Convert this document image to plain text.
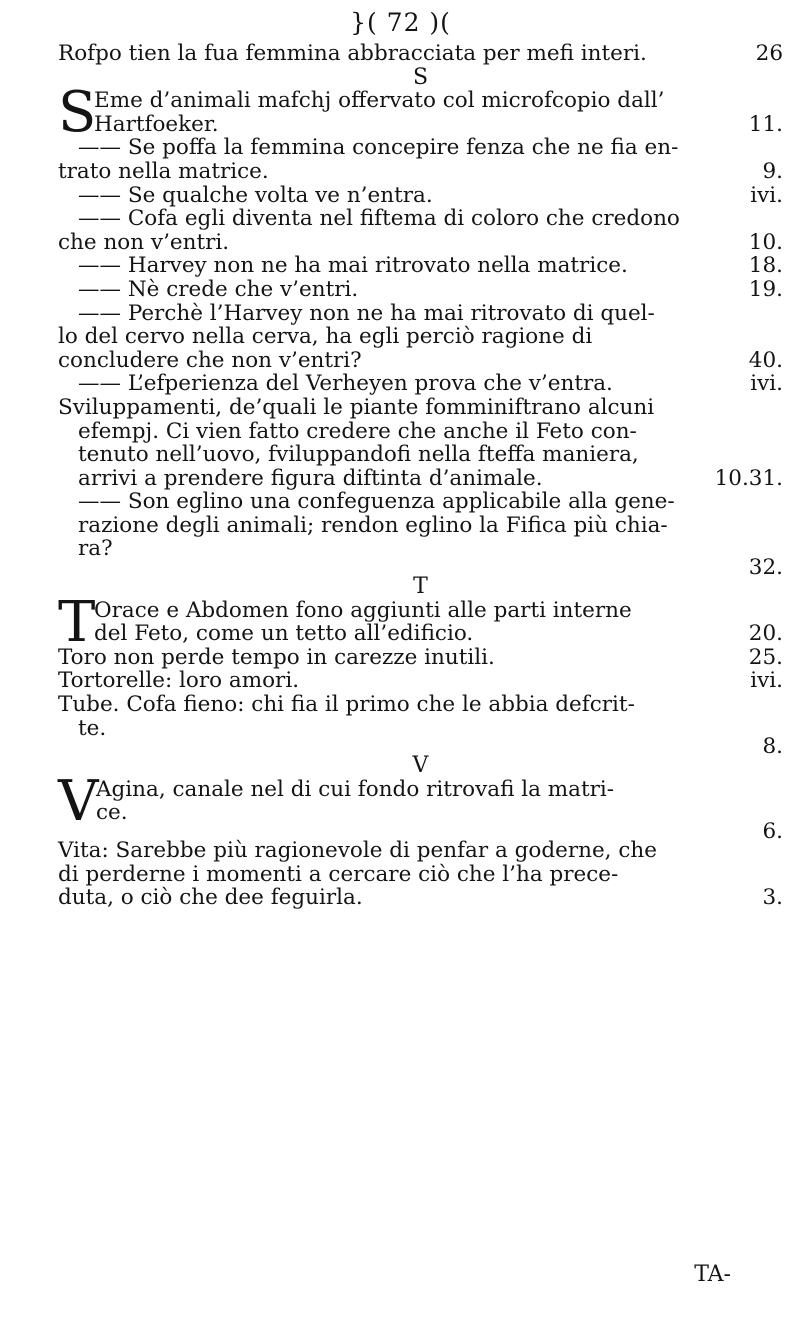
}( 72 )(
Rofpo tien la fua femmina abbracciata per mefi interi.	26
S
S
Eme d’animali mafchj offervato col microfcopio dall’
Hartfoeker.	11.
—— Se poffa la femmina concepire fenza che ne fia en-
trato nella matrice.	9.
—— Se qualche volta ve n’entra.	ivi.
—— Cofa egli diventa nel fiftema di coloro che credono
che non v’entri.	10.
—— Harvey non ne ha mai ritrovato nella matrice.	18.
—— Nè crede che v’entri.	19.
—— Perchè l’Harvey non ne ha mai ritrovato di quel-
lo del cervo nella cerva, ha egli perciò ragione di
concludere che non v’entri?	40.
—— L’efperienza del Verheyen prova che v’entra.	ivi.
Sviluppamenti, de’quali le piante fomminiftrano alcuni
efempj. Ci vien fatto credere che anche il Feto con-
tenuto nell’uovo, fviluppandofi nella fteffa maniera,
arrivi a prendere figura diftinta d’animale.	10.31.
—— Son eglino una confeguenza applicabile alla gene-
razione degli animali; rendon eglino la Fifica più chia-
ra?
32.
T
T
Orace e Abdomen fono aggiunti alle parti interne
del Feto, come un tetto all’edificio.	20.
Toro non perde tempo in carezze inutili.	25.
Tortorelle: loro amori.	ivi.
Tube. Cofa fieno: chi fia il primo che le abbia defcrit-
te.
8.
V
V
Agina, canale nel di cui fondo ritrovafi la matri-
ce.
6.
Vita: Sarebbe più ragionevole di penfar a goderne, che
di perderne i momenti a cercare ciò che l’ha prece-
duta, o ciò che dee feguirla.	3.
TA-
